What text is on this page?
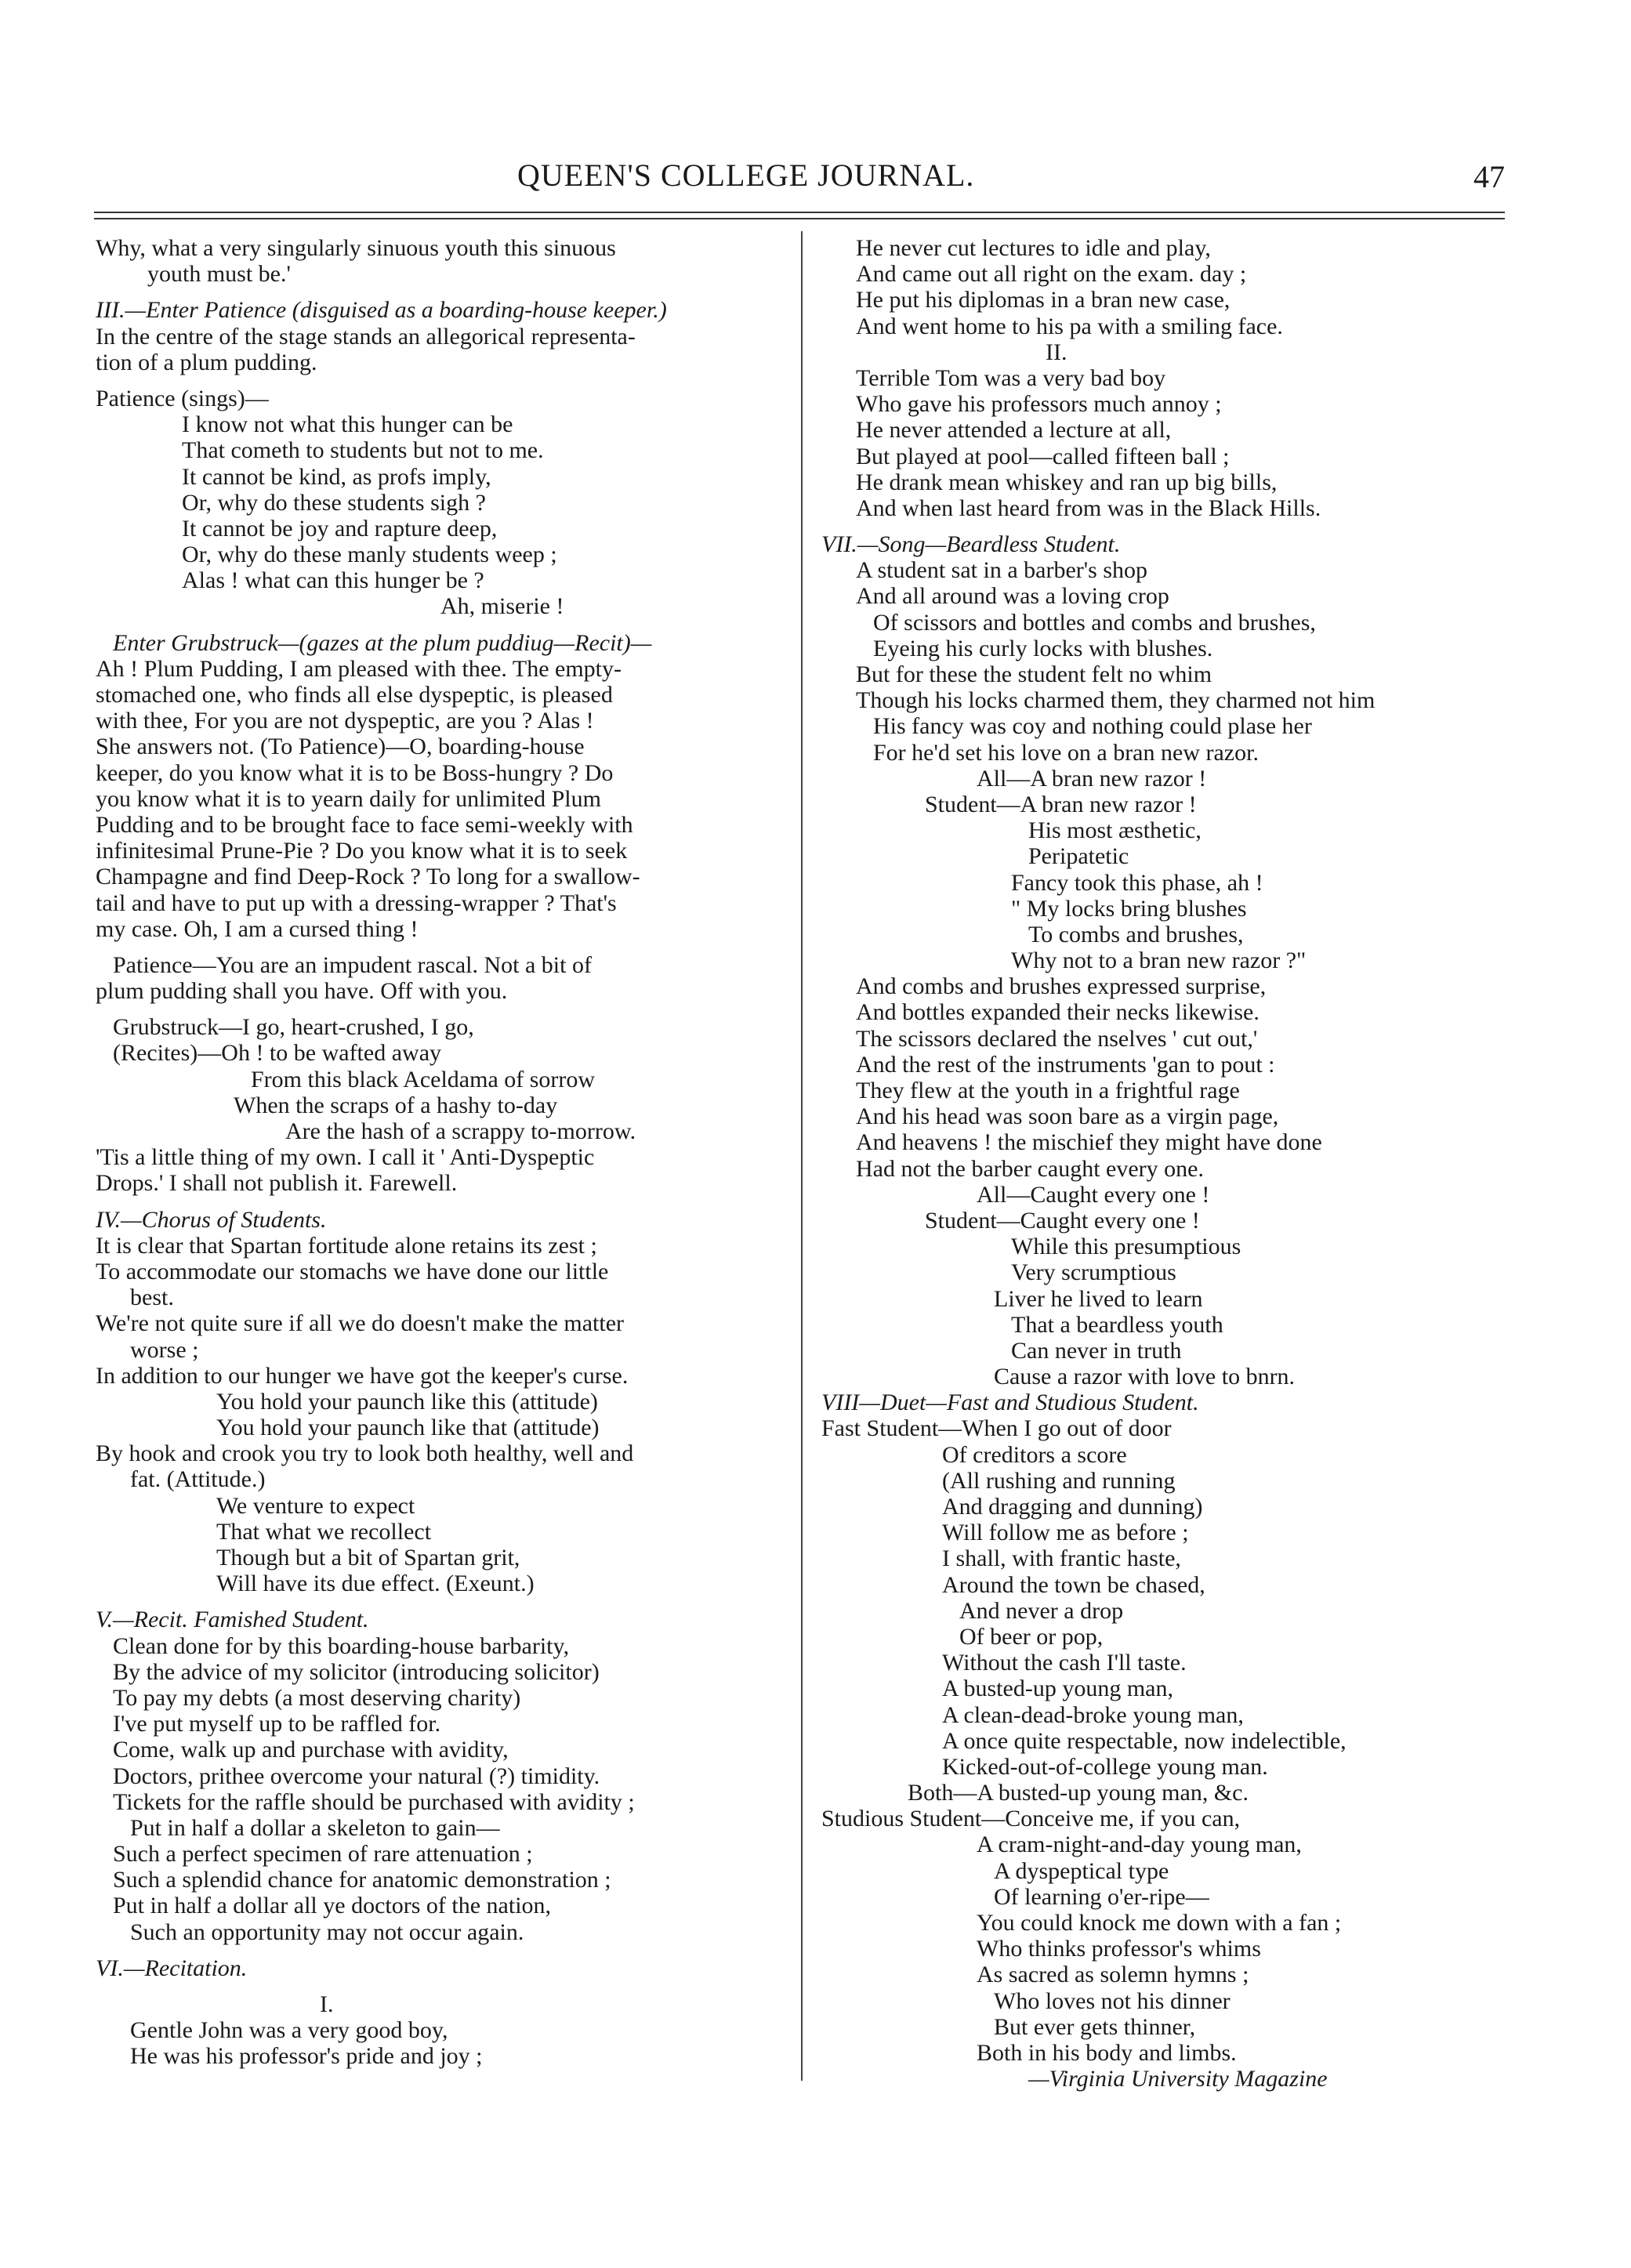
QUEEN'S COLLEGE JOURNAL.	47
Why, what a very singularly sinuous youth this sinuous
youth must be.'
III.—Enter Patience (disguised as a boarding-house keeper.)
In the centre of the stage stands an allegorical representa-
tion of a plum pudding.
Patience (sings)—
I know not what this hunger can be
That cometh to students but not to me.
It cannot be kind, as profs imply,
Or, why do these students sigh ?
It cannot be joy and rapture deep,
Or, why do these manly students weep ;
Alas ! what can this hunger be ?
Ah, miserie !
Enter Grubstruck—(gazes at the plum puddiug—Recit)—
Ah ! Plum Pudding, I am pleased with thee. The empty-
stomached one, who finds all else dyspeptic, is pleased
with thee, For you are not dyspeptic, are you ? Alas !
She answers not. (To Patience)—O, boarding-house
keeper, do you know what it is to be Boss-hungry ? Do
you know what it is to yearn daily for unlimited Plum
Pudding and to be brought face to face semi-weekly with
infinitesimal Prune-Pie ? Do you know what it is to seek
Champagne and find Deep-Rock ? To long for a swallow-
tail and have to put up with a dressing-wrapper ? That's
my case. Oh, I am a cursed thing !
Patience—You are an impudent rascal. Not a bit of
plum pudding shall you have. Off with you.
Grubstruck—I go, heart-crushed, I go,
(Recites)—Oh ! to be wafted away
From this black Aceldama of sorrow
When the scraps of a hashy to-day
Are the hash of a scrappy to-morrow.
'Tis a little thing of my own. I call it ' Anti-Dyspeptic
Drops.' I shall not publish it. Farewell.
IV.—Chorus of Students.
It is clear that Spartan fortitude alone retains its zest ;
To accommodate our stomachs we have done our little
best.
We're not quite sure if all we do doesn't make the matter
worse ;
In addition to our hunger we have got the keeper's curse.
You hold your paunch like this (attitude)
You hold your paunch like that (attitude)
By hook and crook you try to look both healthy, well and
fat. (Attitude.)
We venture to expect
That what we recollect
Though but a bit of Spartan grit,
Will have its due effect. (Exeunt.)
V.—Recit. Famished Student.
Clean done for by this boarding-house barbarity,
By the advice of my solicitor (introducing solicitor)
To pay my debts (a most deserving charity)
I've put myself up to be raffled for.
Come, walk up and purchase with avidity,
Doctors, prithee overcome your natural (?) timidity.
Tickets for the raffle should be purchased with avidity ;
Put in half a dollar a skeleton to gain—
Such a perfect specimen of rare attenuation ;
Such a splendid chance for anatomic demonstration ;
Put in half a dollar all ye doctors of the nation,
Such an opportunity may not occur again.
VI.—Recitation.
I.
Gentle John was a very good boy,
He was his professor's pride and joy ;
He never cut lectures to idle and play,
And came out all right on the exam. day ;
He put his diplomas in a bran new case,
And went home to his pa with a smiling face.
II.
Terrible Tom was a very bad boy
Who gave his professors much annoy ;
He never attended a lecture at all,
But played at pool—called fifteen ball ;
He drank mean whiskey and ran up big bills,
And when last heard from was in the Black Hills.
VII.—Song—Beardless Student.
A student sat in a barber's shop
And all around was a loving crop
Of scissors and bottles and combs and brushes,
Eyeing his curly locks with blushes.
But for these the student felt no whim
Though his locks charmed them, they charmed not him
His fancy was coy and nothing could plase her
For he'd set his love on a bran new razor.
All—A bran new razor !
Student—A bran new razor !
His most æsthetic,
Peripatetic
Fancy took this phase, ah !
" My locks bring blushes
To combs and brushes,
Why not to a bran new razor ?"
And combs and brushes expressed surprise,
And bottles expanded their necks likewise.
The scissors declared the nselves ' cut out,'
And the rest of the instruments 'gan to pout :
They flew at the youth in a frightful rage
And his head was soon bare as a virgin page,
And heavens ! the mischief they might have done
Had not the barber caught every one.
All—Caught every one !
Student—Caught every one !
While this presumptious
Very scrumptious
Liver he lived to learn
That a beardless youth
Can never in truth
Cause a razor with love to bnrn.
VIII—Duet—Fast and Studious Student.
Fast Student—When I go out of door
Of creditors a score
(All rushing and running
And dragging and dunning)
Will follow me as before ;
I shall, with frantic haste,
Around the town be chased,
And never a drop
Of beer or pop,
Without the cash I'll taste.
A busted-up young man,
A clean-dead-broke young man,
A once quite respectable, now indelectible,
Kicked-out-of-college young man.
Both—A busted-up young man, &c.
Studious Student—Conceive me, if you can,
A cram-night-and-day young man,
A dyspeptical type
Of learning o'er-ripe—
You could knock me down with a fan ;
Who thinks professor's whims
As sacred as solemn hymns ;
Who loves not his dinner
But ever gets thinner,
Both in his body and limbs.
—Virginia University Magazine
